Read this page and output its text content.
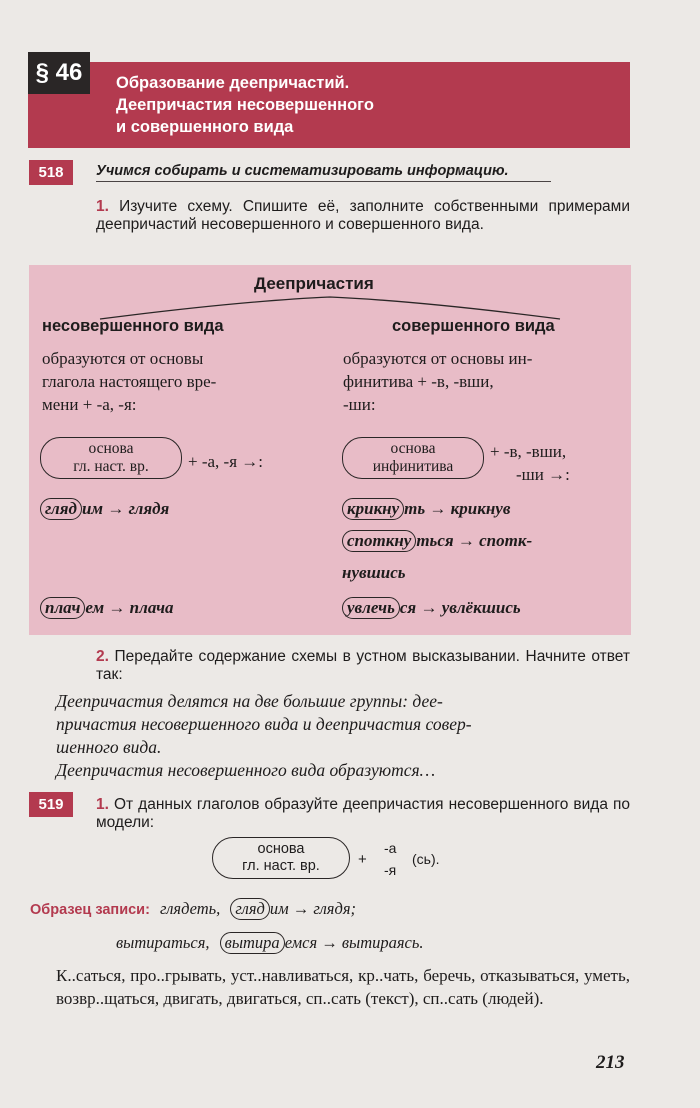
§ 46	Образование деепричастий.
Деепричастия несовершенного
и совершенного вида
518	Учимся собирать и систематизировать информацию.
1. Изучите схему. Спишите её, заполните собственными примерами деепричастий несовершенного и совершенного вида.
Деепричастия
несовершенного вида	совершенного вида
образуются от основы
глагола настоящего вре-
мени + -а, -я:
образуются от основы ин-
финитива + -в, -вши,
-ши:
основа
гл. наст. вр.	+ -а, -я →:
основа
инфинитива
+ -в, -вши,
-ши →:
гляд им → глядя
плач ем → плача
крикну ть → крикнув
споткну ться → спотк-
нувшись
увлечь ся → увлёкшись
2. Передайте содержание схемы в устном высказывании. Начните ответ так:
Деепричастия делятся на две большие группы: дее-
причастия несовершенного вида и деепричастия совер-
шенного вида.
Деепричастия несовершенного вида образуются…
519	1. От данных глаголов образуйте деепричастия несовершенного вида по модели:
основа
гл. наст. вр.	+
-а
-я
(сь).
Образец записи: глядеть, гляд им → глядя;
вытираться, вытира емся → вытираясь.
К..саться, про..грывать, уст..навливаться, кр..чать, беречь, отказываться, уметь, возвр..щаться, двигать, двигаться, сп..сать (текст), сп..сать (людей).
213
